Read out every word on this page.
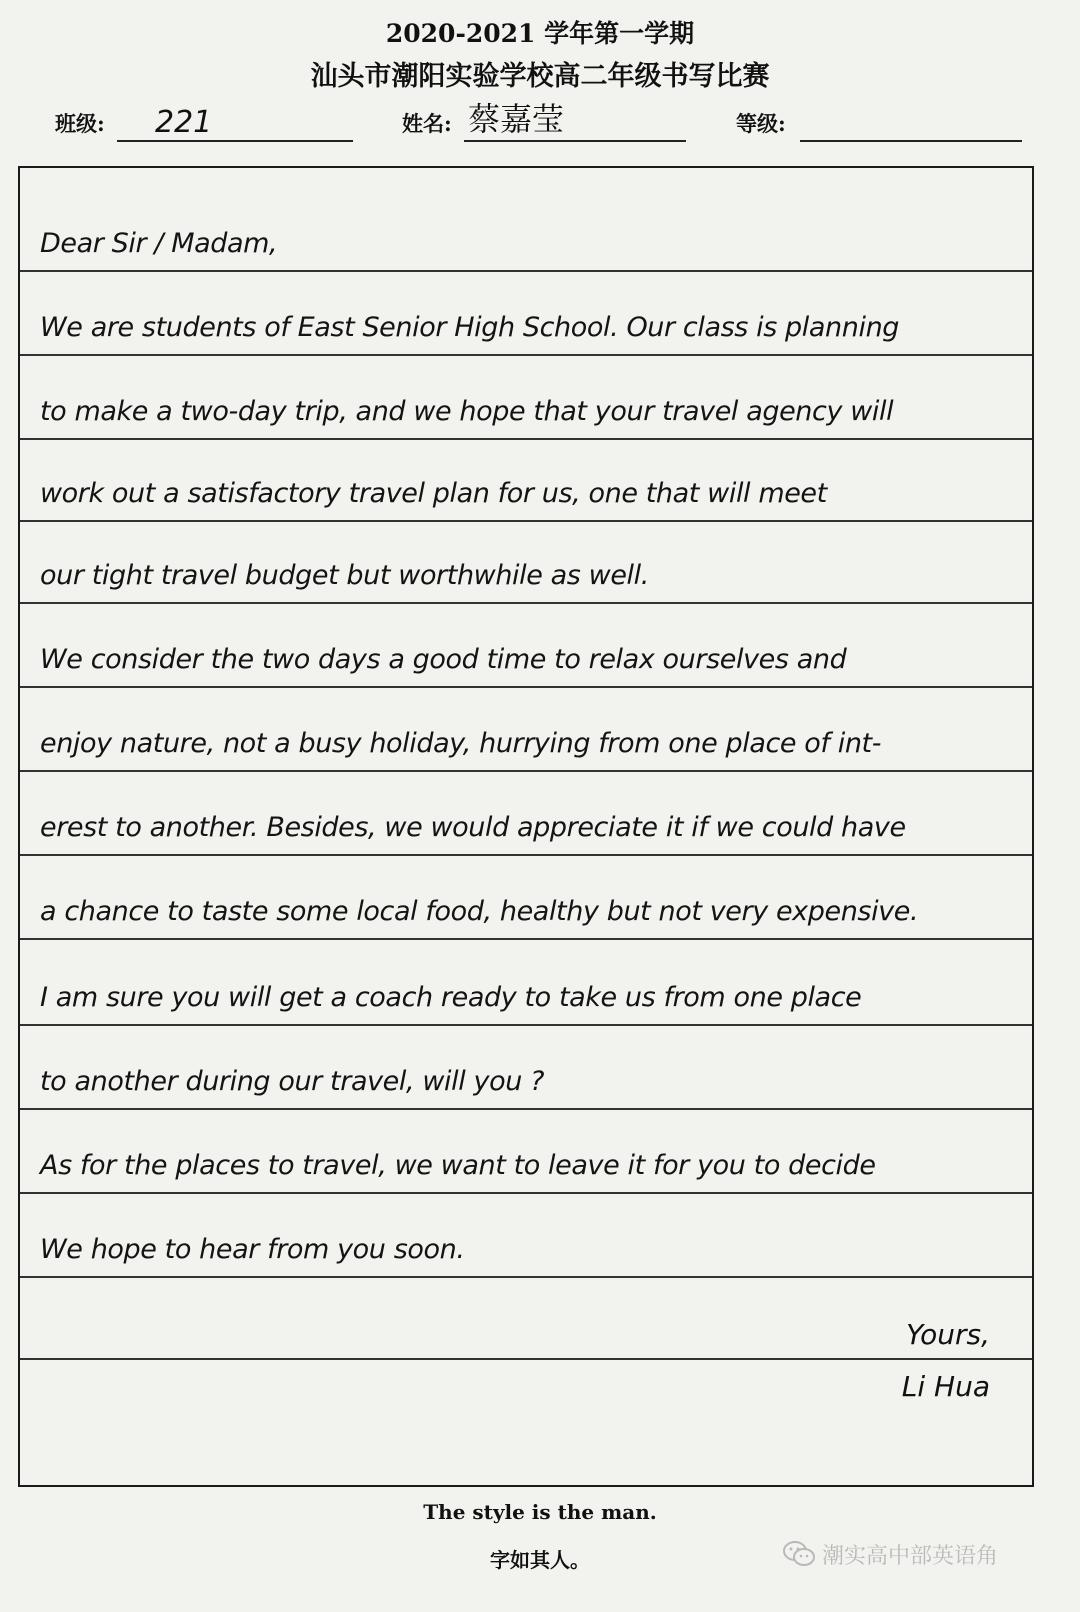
2020-2021 学年第一学期
汕头市潮阳实验学校高二年级书写比赛
班级: 221	姓名: 蔡嘉莹	等级:
Dear Sir / Madam,
We are students of East Senior High School. Our class is planning
to make a two-day trip, and we hope that your travel agency will
work out a satisfactory travel plan for us, one that will meet
our tight travel budget but worthwhile as well.
We consider the two days a good time to relax ourselves and
enjoy nature, not a busy holiday, hurrying from one place of int-
erest to another. Besides, we would appreciate it if we could have
a chance to taste some local food, healthy but not very expensive.
I am sure you will get a coach ready to take us from one place
to another during our travel, will you ?
As for the places to travel, we want to leave it for you to decide
We hope to hear from you soon.
Yours,
Li Hua
The style is the man.
字如其人。	潮实高中部英语角
